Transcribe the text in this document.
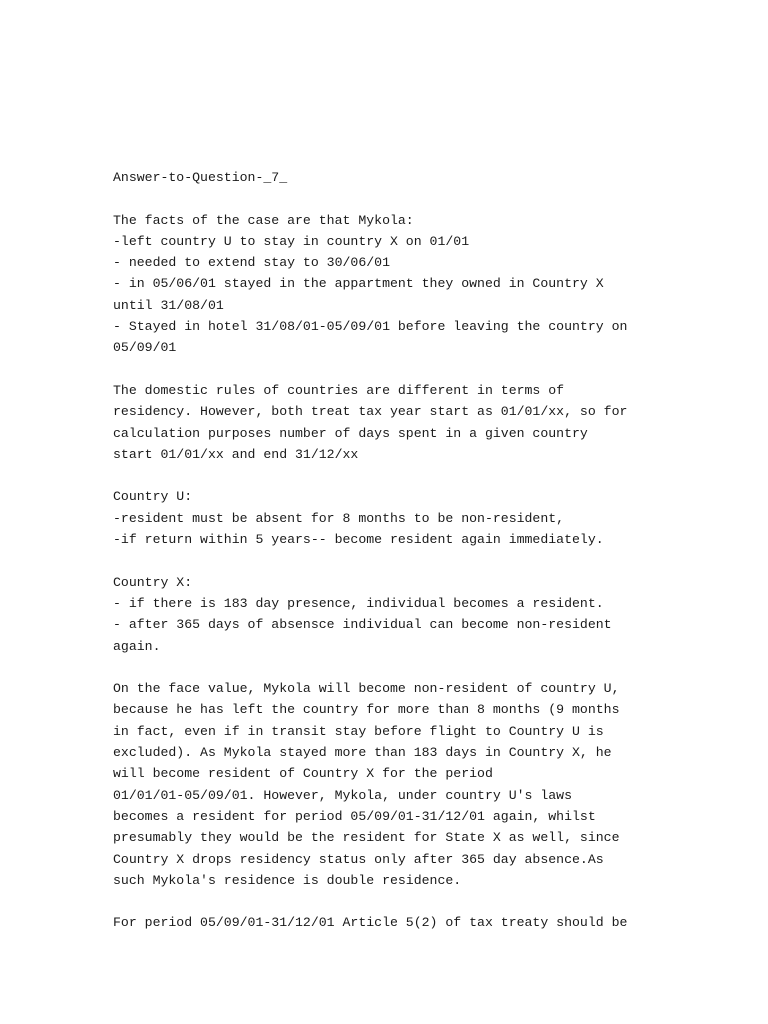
Answer-to-Question-_7_
The facts of the case are that Mykola:
-left country U to stay in country X on 01/01
- needed to extend stay to 30/06/01
- in 05/06/01 stayed in the appartment they owned in Country X
until 31/08/01
- Stayed in hotel 31/08/01-05/09/01 before leaving the country on
05/09/01
The domestic rules of countries are different in terms of
residency. However, both treat tax year start as 01/01/xx, so for
calculation purposes number of days spent in a given country
start 01/01/xx and end 31/12/xx
Country U:
-resident must be absent for 8 months to be non-resident,
-if return within 5 years-- become resident again immediately.
Country X:
- if there is 183 day presence, individual becomes a resident.
- after 365 days of absensce individual can become non-resident
again.
On the face value, Mykola will become non-resident of country U,
because he has left the country for more than 8 months (9 months
in fact, even if in transit stay before flight to Country U is
excluded). As Mykola stayed more than 183 days in Country X, he
will become resident of Country X for the period
01/01/01-05/09/01. However, Mykola, under country U's laws
becomes a resident for period 05/09/01-31/12/01 again, whilst
presumably they would be the resident for State X as well, since
Country X drops residency status only after 365 day absence.As
such Mykola's residence is double residence.
For period 05/09/01-31/12/01 Article 5(2) of tax treaty should be
